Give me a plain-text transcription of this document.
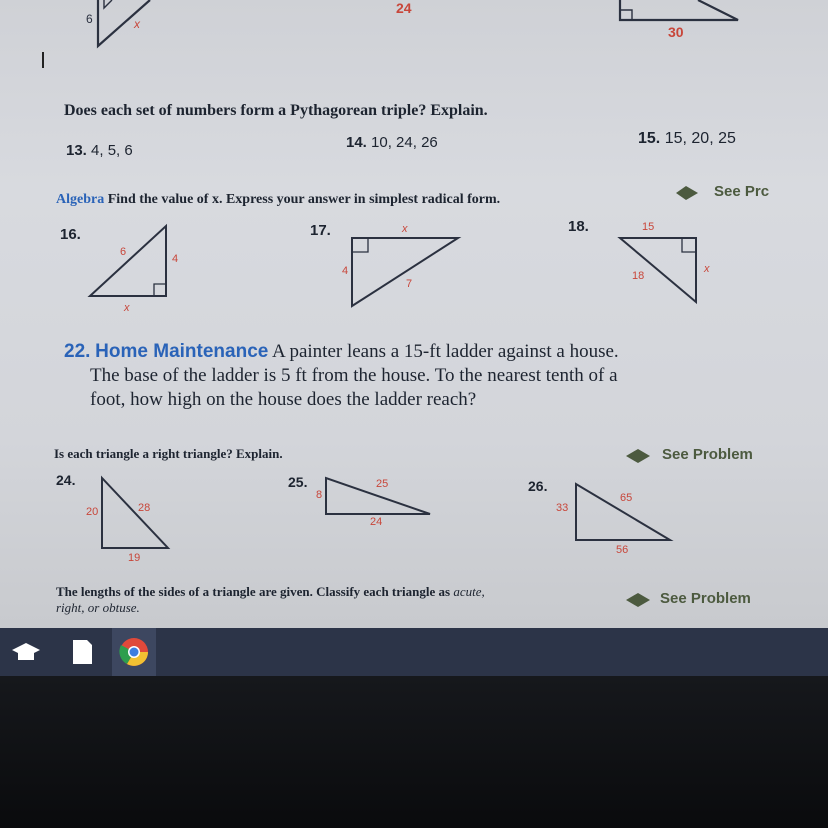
6	x
24
30
Does each set of numbers form a Pythagorean triple? Explain.
13. 4, 5, 6	14. 10, 24, 26	15. 15, 20, 25
Algebra Find the value of x. Express your answer in simplest radical form.	See Prc
16.
6
4
x
17.	x
4
7
18.	15
18
x
22. Home Maintenance A painter leans a 15-ft ladder against a house.
The base of the ladder is 5 ft from the house. To the nearest tenth of a
foot, how high on the house does the ladder reach?
Is each triangle a right triangle? Explain.	See Problem
24.
20	28
19
25.	25
8
24
26.
33
65
56
The lengths of the sides of a triangle are given. Classify each triangle as acute,
right, or obtuse.
See Problem
